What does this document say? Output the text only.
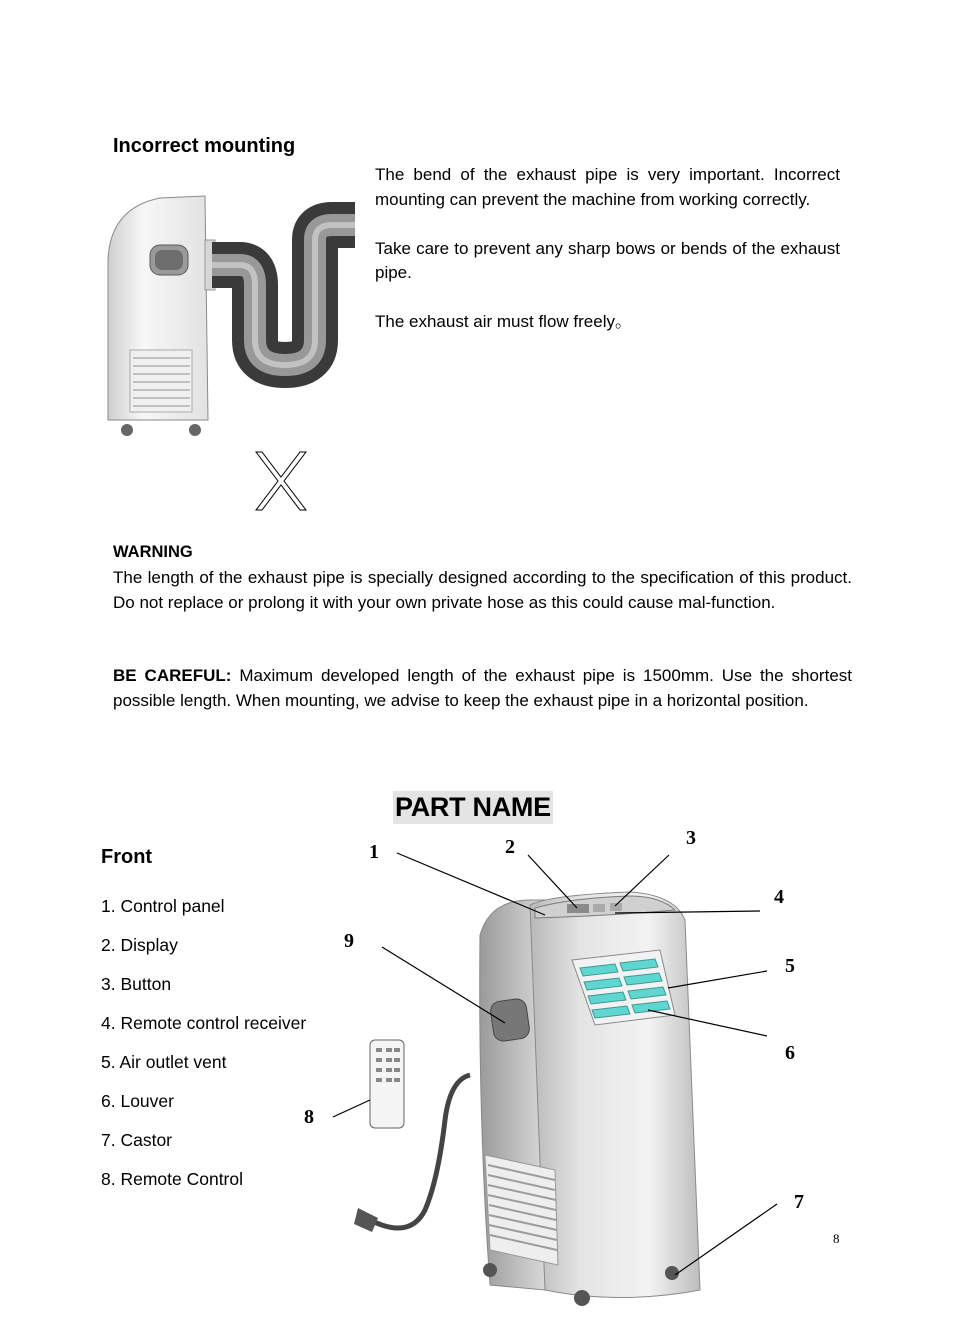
Incorrect mounting

The bend of the exhaust pipe is very important. Incorrect mounting can prevent the machine from working correctly.

Take care to prevent any sharp bows or bends of the exhaust pipe.

The exhaust air must flow freely。

WARNING
The length of the exhaust pipe is specially designed according to the specification of this product. Do not replace or prolong it with your own private hose as this could cause mal-function.
BE CAREFUL: Maximum developed length of the exhaust pipe is 1500mm. Use the shortest possible length. When mounting, we advise to keep the exhaust pipe in a horizontal position.
PART NAME
Front
1. Control panel
2. Display
3. Button
4. Remote control receiver
5. Air outlet vent
6. Louver
7. Castor
8. Remote Control
1	2	3
4
5
6
7
8
9
8
